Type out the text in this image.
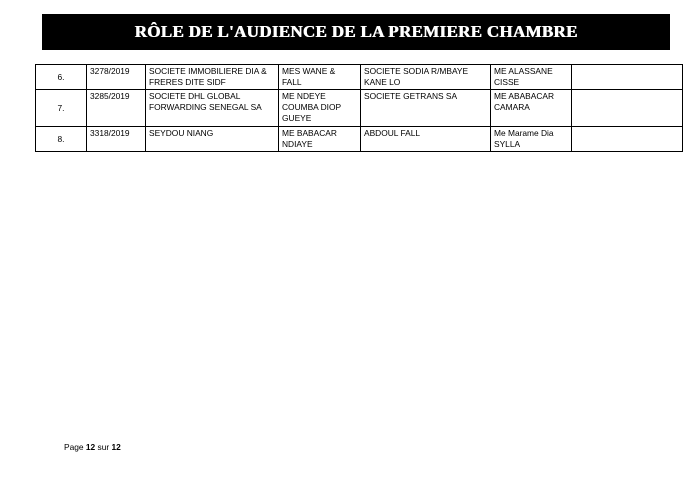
RÔLE DE L'AUDIENCE DE LA PREMIERE CHAMBRE
6.	3278/2019	SOCIETE IMMOBILIERE DIA & FRERES DITE SIDF	MES WANE & FALL	SOCIETE SODIA R/MBAYE KANE LO	ME ALASSANE CISSE	
7.	3285/2019	SOCIETE DHL GLOBAL FORWARDING SENEGAL SA	ME NDEYE COUMBA DIOP GUEYE	SOCIETE GETRANS SA	ME ABABACAR CAMARA	
8.	3318/2019	SEYDOU NIANG	ME BABACAR NDIAYE	ABDOUL FALL	Me Marame Dia SYLLA	
Page 12 sur 12
